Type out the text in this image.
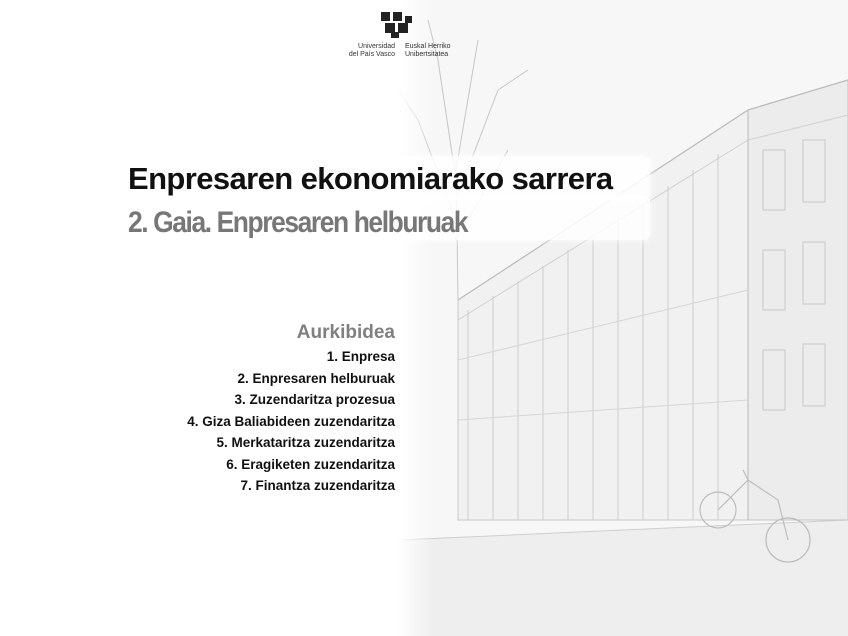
Universidad
del País Vasco
Euskal Herriko
Unibertsitatea
Enpresaren ekonomiarako sarrera
2. Gaia. Enpresaren helburuak
Aurkibidea
1. Enpresa
2. Enpresaren helburuak
3. Zuzendaritza prozesua
4. Giza Baliabideen zuzendaritza
5. Merkataritza zuzendaritza
6. Eragiketen zuzendaritza
7. Finantza zuzendaritza
